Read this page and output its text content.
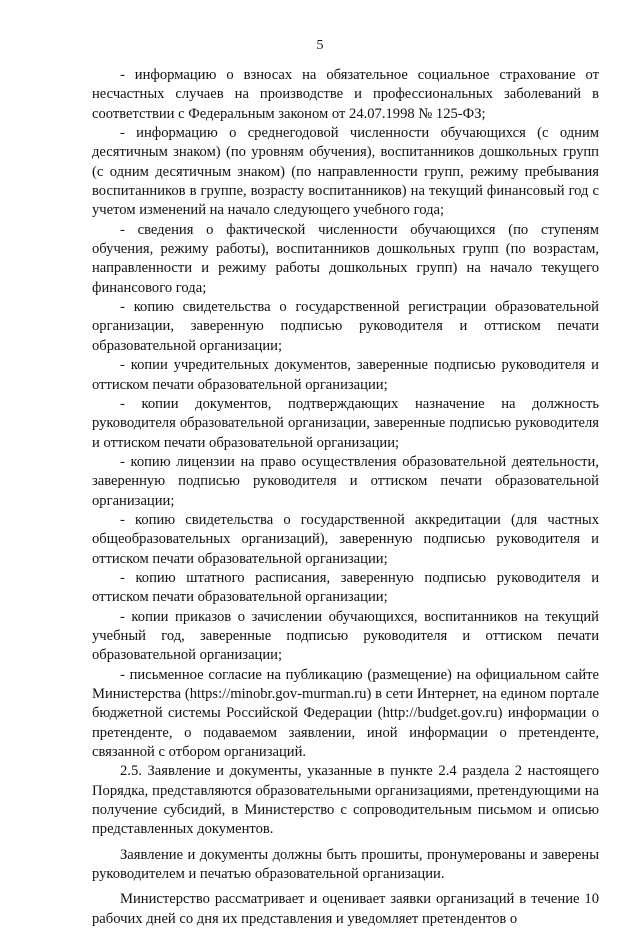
5

- информацию о взносах на обязательное социальное страхование от несчастных случаев на производстве и профессиональных заболеваний в соответствии с Федеральным законом от 24.07.1998 № 125-ФЗ;

- информацию о среднегодовой численности обучающихся (с одним десятичным знаком) (по уровням обучения), воспитанников дошкольных групп (с одним десятичным знаком) (по направленности групп, режиму пребывания воспитанников в группе, возрасту воспитанников) на текущий финансовый год с учетом изменений на начало следующего учебного года;

- сведения о фактической численности обучающихся (по ступеням обучения, режиму работы), воспитанников дошкольных групп (по возрастам, направленности и режиму работы дошкольных групп) на начало текущего финансового года;

- копию свидетельства о государственной регистрации образовательной организации, заверенную подписью руководителя и оттиском печати образовательной организации;

- копии учредительных документов, заверенные подписью руководителя и оттиском печати образовательной организации;

- копии документов, подтверждающих назначение на должность руководителя образовательной организации, заверенные подписью руководителя и оттиском печати образовательной организации;

- копию лицензии на право осуществления образовательной деятельности, заверенную подписью руководителя и оттиском печати образовательной организации;

- копию свидетельства о государственной аккредитации (для частных общеобразовательных организаций), заверенную подписью руководителя и оттиском печати образовательной организации;

- копию штатного расписания, заверенную подписью руководителя и оттиском печати образовательной организации;

- копии приказов о зачислении обучающихся, воспитанников на текущий учебный год, заверенные подписью руководителя и оттиском печати образовательной организации;

- письменное согласие на публикацию (размещение) на официальном сайте Министерства (https://minobr.gov-murman.ru) в сети Интернет, на едином портале бюджетной системы Российской Федерации (http://budget.gov.ru) информации о претенденте, о подаваемом заявлении, иной информации о претенденте, связанной с отбором организаций.

2.5. Заявление и документы, указанные в пункте 2.4 раздела 2 настоящего Порядка, представляются образовательными организациями, претендующими на получение субсидий, в Министерство с сопроводительным письмом и описью представленных документов.

Заявление и документы должны быть прошиты, пронумерованы и заверены руководителем и печатью образовательной организации.

Министерство рассматривает и оценивает заявки организаций в течение 10 рабочих дней со дня их представления и уведомляет претендентов о
